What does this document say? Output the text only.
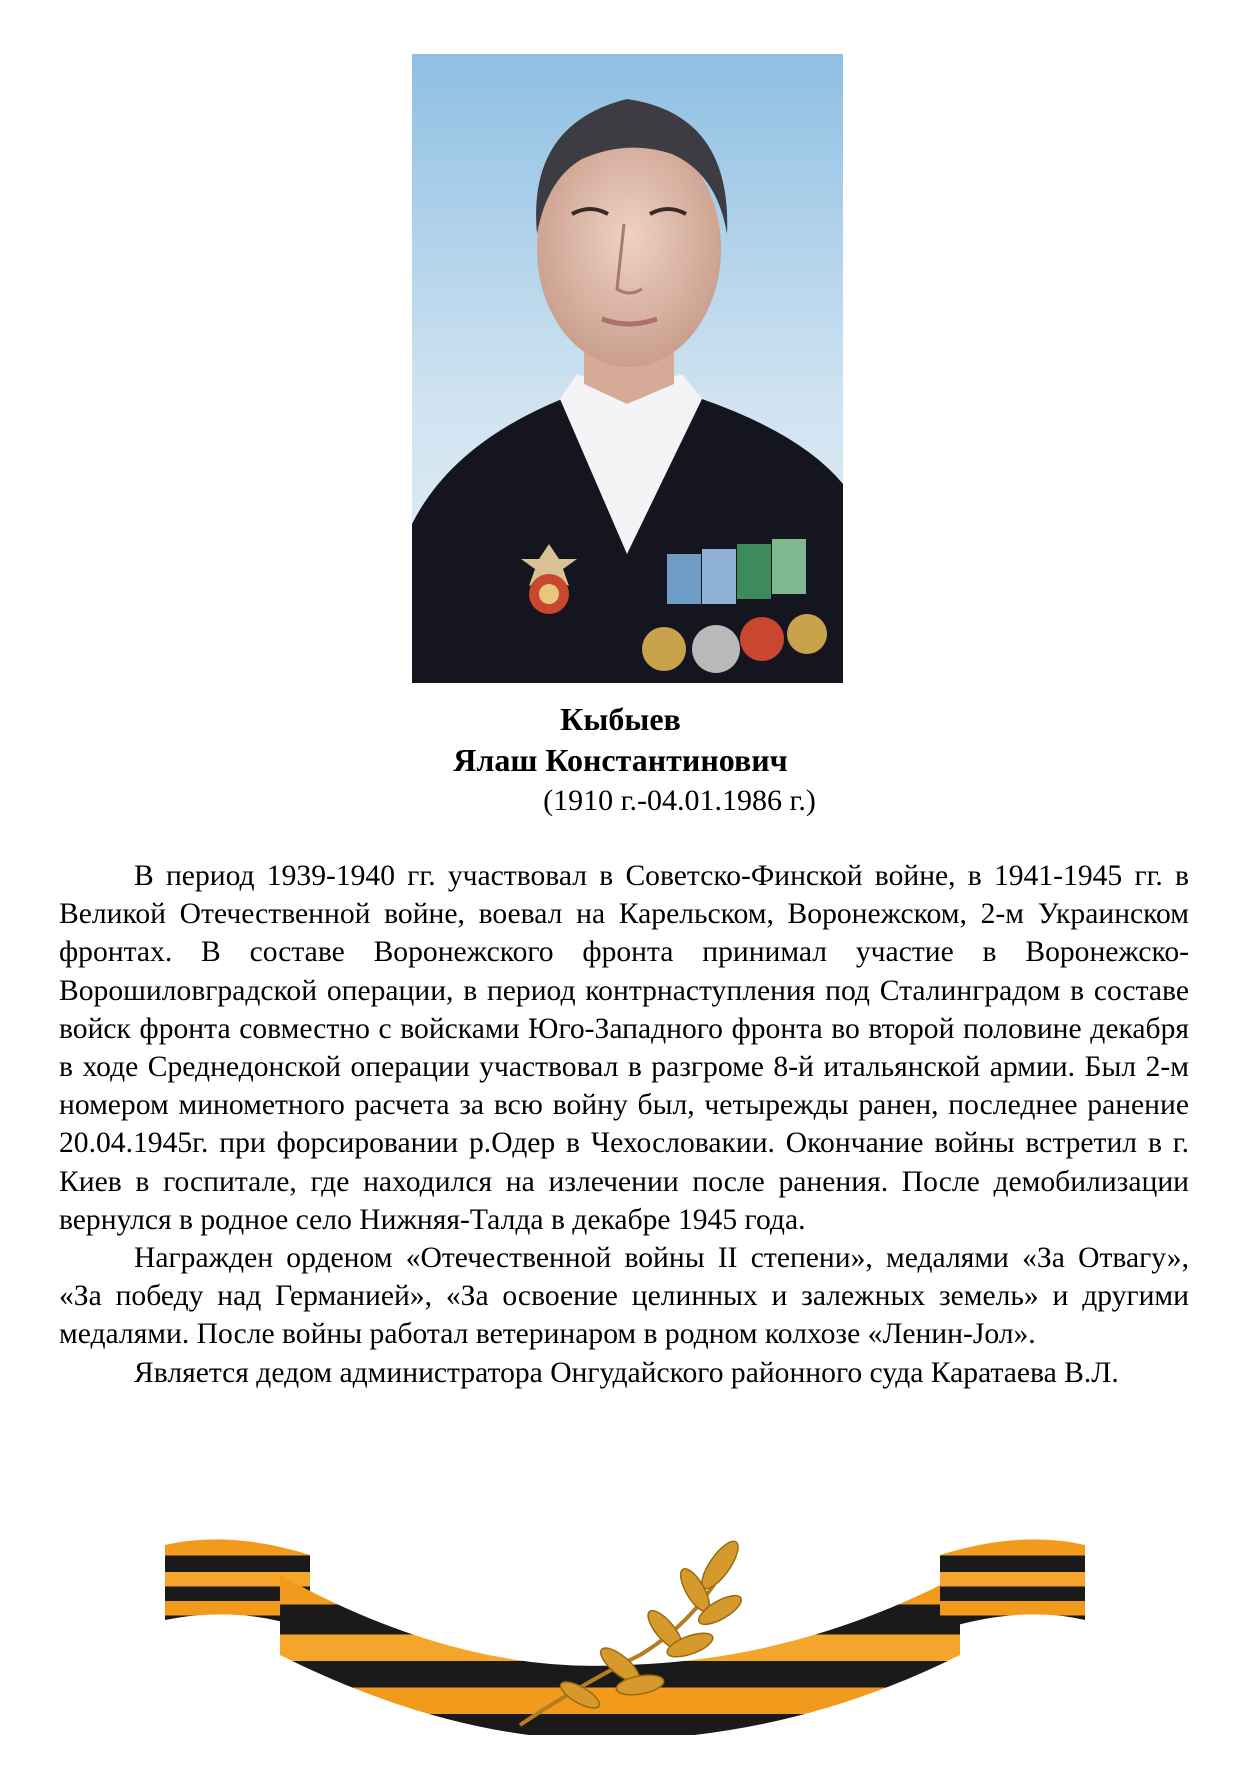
Кыбыев
Ялаш Константинович
(1910 г.-04.01.1986 г.)

В период 1939-1940 гг. участвовал в Советско-Финской войне, в 1941-1945 гг. в Великой Отечественной войне, воевал на Карельском, Воронежском, 2-м Украинском фронтах. В составе Воронежского фронта принимал участие в Воронежско-Ворошиловградской операции, в период контрнаступления под Сталинградом в составе войск фронта совместно с войсками Юго-Западного фронта во второй половине декабря в ходе Среднедонской операции участвовал в разгроме 8-й итальянской армии. Был 2-м номером минометного расчета за всю войну был, четырежды ранен, последнее ранение 20.04.1945г. при форсировании р.Одер в Чехословакии. Окончание войны встретил в г. Киев в госпитале, где находился на излечении после ранения. После демобилизации вернулся в родное село Нижняя-Талда в декабре 1945 года.

Награжден орденом «Отечественной войны II степени», медалями «За Отвагу», «За победу над Германией», «За освоение целинных и залежных земель» и другими медалями. После войны работал ветеринаром в родном колхозе «Ленин-Јол».

Является дедом администратора Онгудайского районного суда Каратаева В.Л.
